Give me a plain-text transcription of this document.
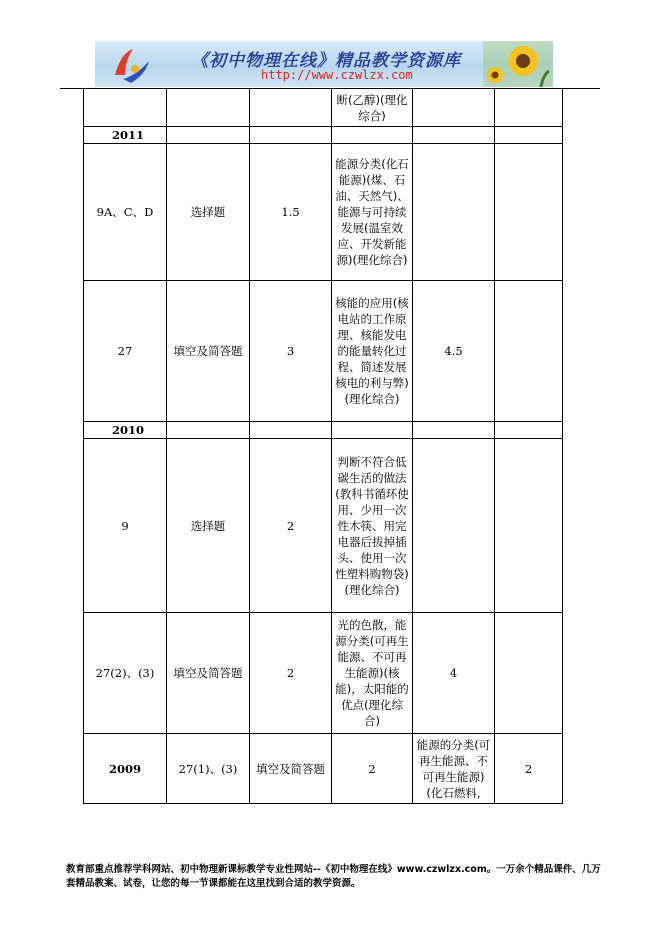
《初中物理在线》精品教学资源库
http://www.czwlzx.com
			断(乙醇)(理化综合)		
2011					
9A、C、D	选择题	1.5	能源分类(化石能源)(煤、石油、天然气)、能源与可持续发展(温室效应、开发新能源)(理化综合)		
27	填空及简答题	3	核能的应用(核电站的工作原理、核能发电的能量转化过程、简述发展核电的利与弊)(理化综合)	4.5	
2010					
9	选择题	2	判断不符合低碳生活的做法(教科书循环使用、少用一次性木筷、用完电器后拔掉插头、使用一次性塑料购物袋)(理化综合)		
27(2)、(3)	填空及简答题	2	光的色散，能源分类(可再生能源、不可再生能源)(核能)，太阳能的优点(理化综合)	4	
2009	27(1)、(3)	填空及简答题	2	能源的分类(可再生能源、不可再生能源)(化石燃料,	2
教育部重点推荐学科网站、初中物理新课标教学专业性网站--《初中物理在线》www.czwlzx.com。一万余个精品课件、几万套精品教案、试卷，让您的每一节课都能在这里找到合适的教学资源。
